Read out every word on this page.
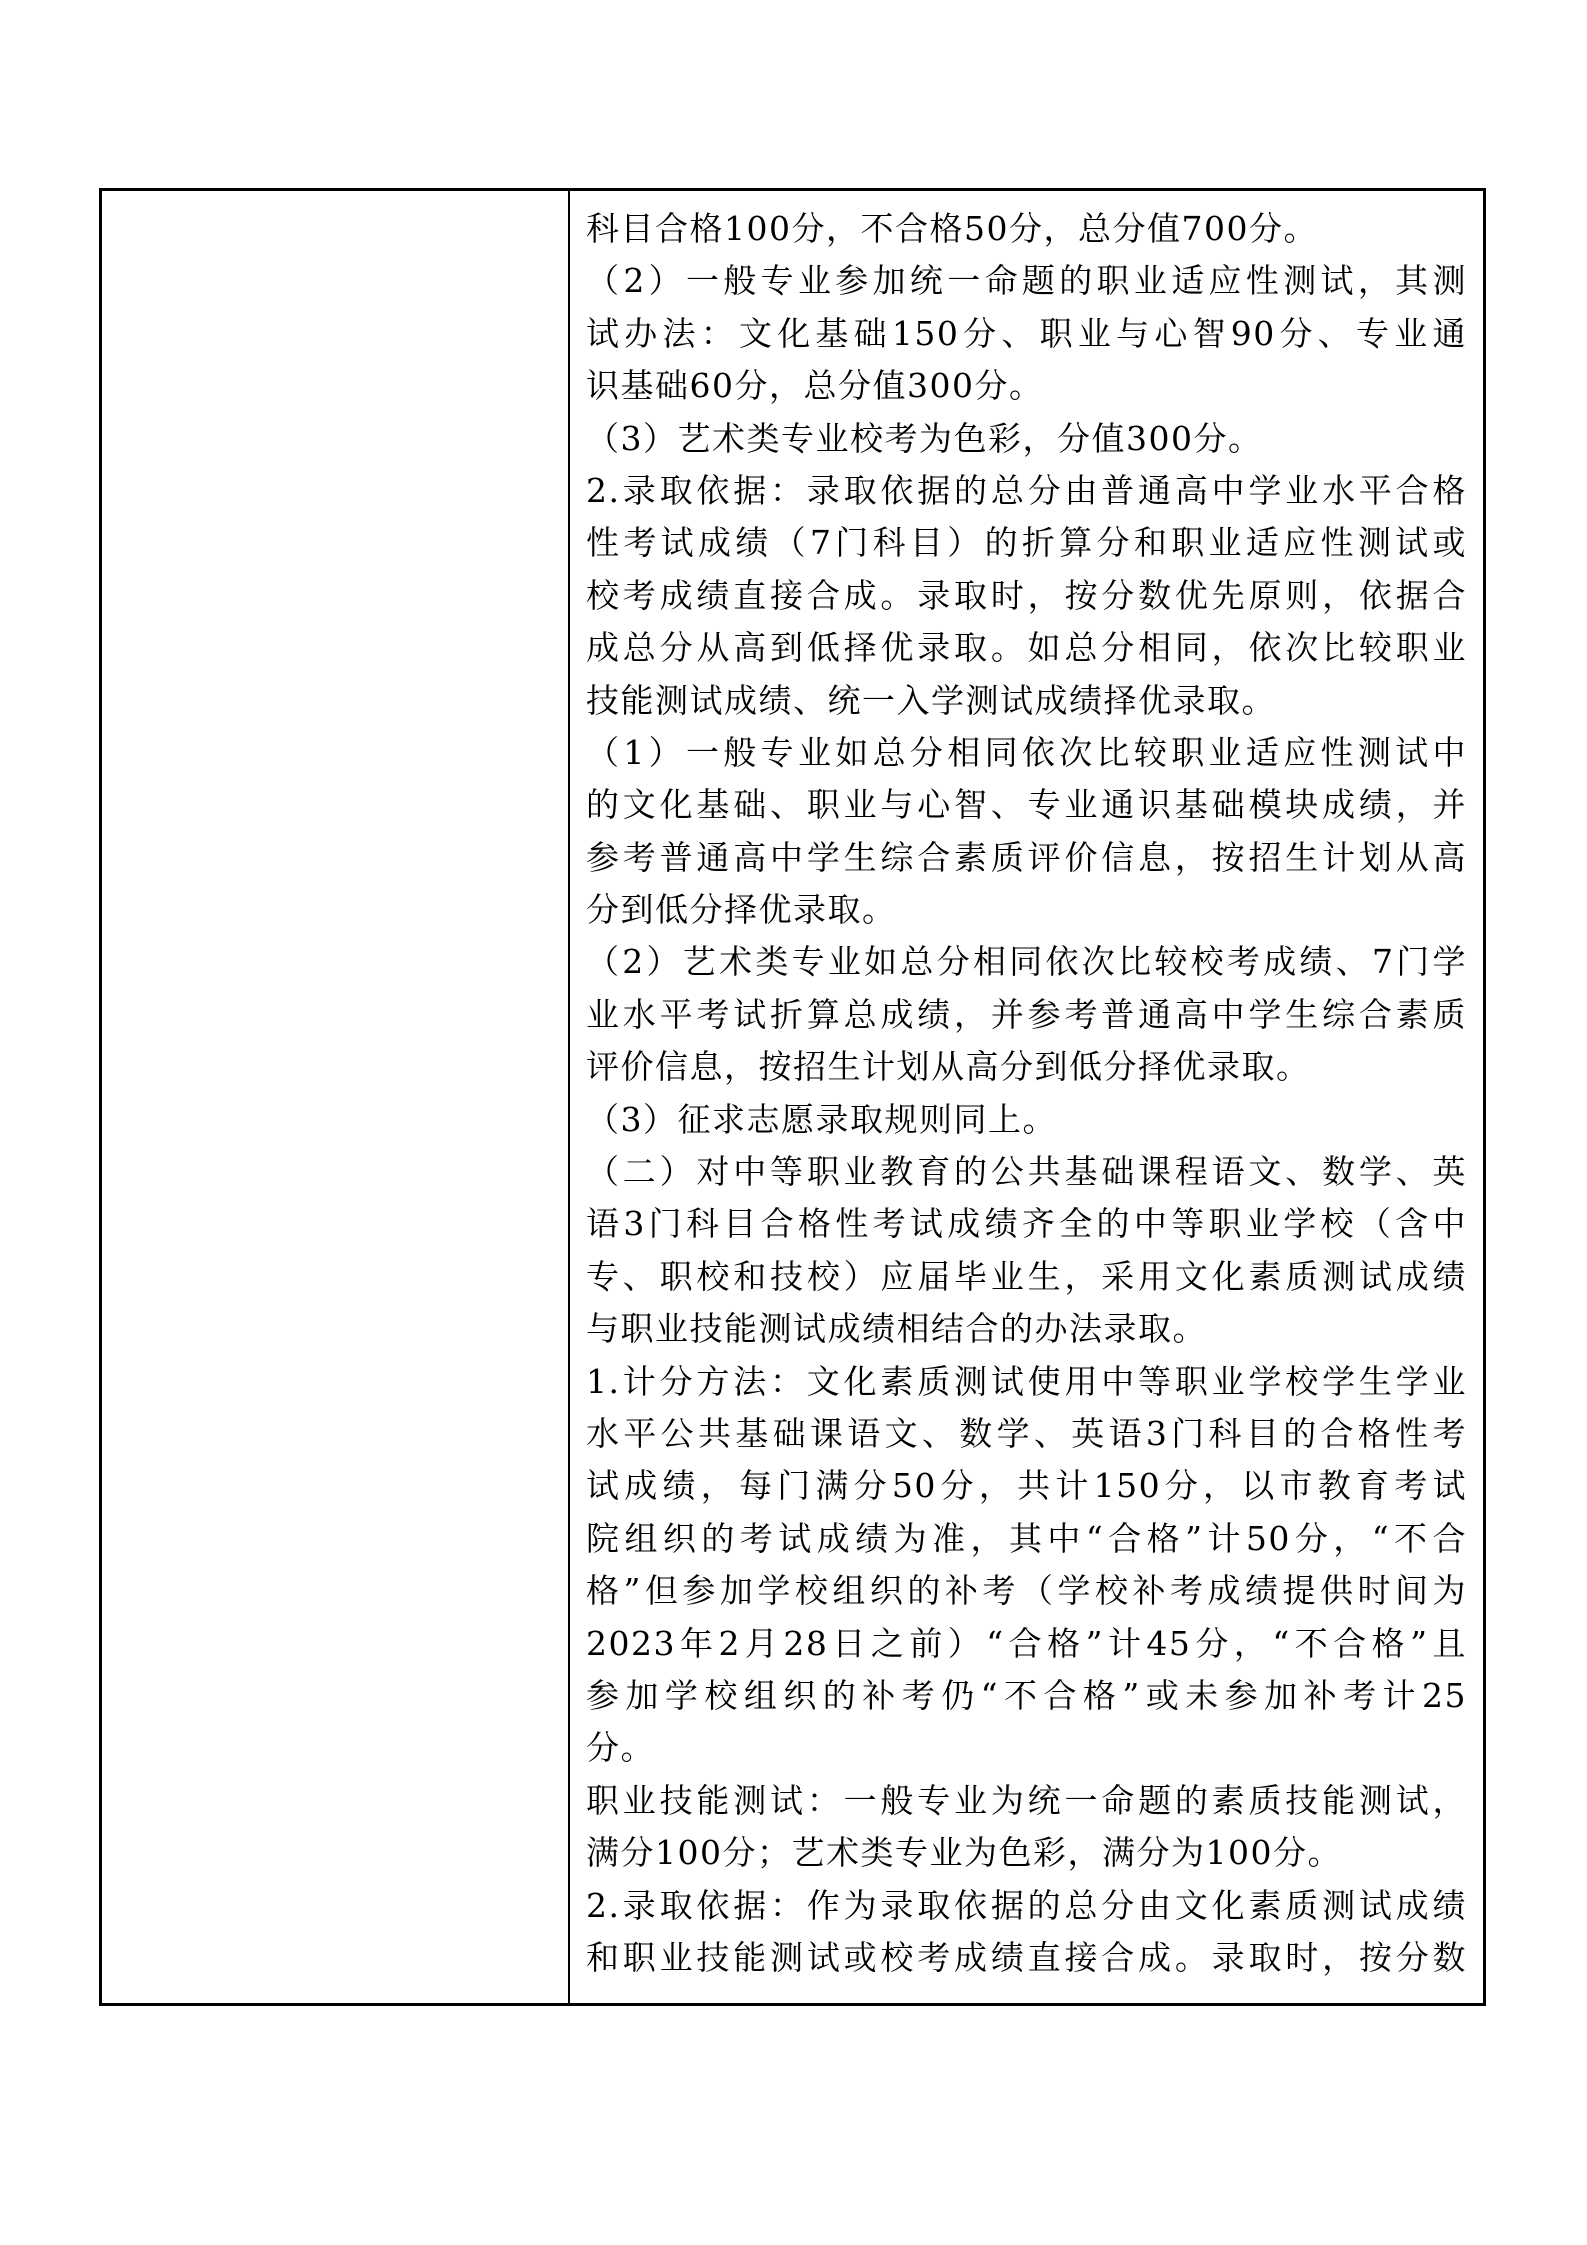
科目合格100分，不合格50分，总分值700分。
（2）一般专业参加统一命题的职业适应性测试，其测
试办法：文化基础150分、职业与心智90分、专业通
识基础60分，总分值300分。
（3）艺术类专业校考为色彩，分值300分。
2.录取依据：录取依据的总分由普通高中学业水平合格
性考试成绩（7门科目）的折算分和职业适应性测试或
校考成绩直接合成。录取时，按分数优先原则，依据合
成总分从高到低择优录取。如总分相同，依次比较职业
技能测试成绩、统一入学测试成绩择优录取。
（1）一般专业如总分相同依次比较职业适应性测试中
的文化基础、职业与心智、专业通识基础模块成绩，并
参考普通高中学生综合素质评价信息，按招生计划从高
分到低分择优录取。
（2）艺术类专业如总分相同依次比较校考成绩、7门学
业水平考试折算总成绩，并参考普通高中学生综合素质
评价信息，按招生计划从高分到低分择优录取。
（3）征求志愿录取规则同上。
（二）对中等职业教育的公共基础课程语文、数学、英
语3门科目合格性考试成绩齐全的中等职业学校（含中
专、职校和技校）应届毕业生，采用文化素质测试成绩
与职业技能测试成绩相结合的办法录取。
1.计分方法：文化素质测试使用中等职业学校学生学业
水平公共基础课语文、数学、英语3门科目的合格性考
试成绩，每门满分50分，共计150分，以市教育考试
院组织的考试成绩为准，其中“合格”计50分，“不合
格”但参加学校组织的补考（学校补考成绩提供时间为
2023年2月28日之前）“合格”计45分，“不合格”且
参加学校组织的补考仍“不合格”或未参加补考计25
分。
职业技能测试：一般专业为统一命题的素质技能测试，
满分100分；艺术类专业为色彩，满分为100分。
2.录取依据：作为录取依据的总分由文化素质测试成绩
和职业技能测试或校考成绩直接合成。录取时，按分数
